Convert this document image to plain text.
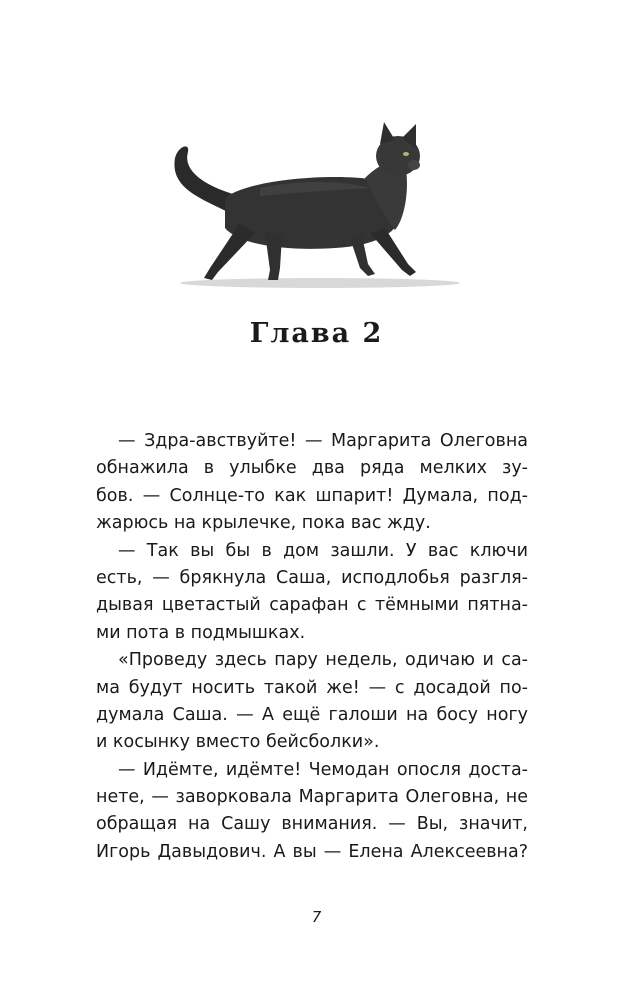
Глава 2
— Здра-авствуйте! — Маргарита Олеговна
обнажила в улыбке два ряда мелких зу-
бов. — Солнце-то как шпарит! Думала, под-
жарюсь на крылечке, пока вас жду.
— Так вы бы в дом зашли. У вас ключи
есть, — брякнула Саша, исподлобья разгля-
дывая цветастый сарафан с тёмными пятна-
ми пота в подмышках.
«Проведу здесь пару недель, одичаю и са-
ма будут носить такой же! — с досадой по-
думала Саша. — А ещё галоши на босу ногу
и косынку вместо бейсболки».
— Идёмте, идёмте! Чемодан опосля доста-
нете, — заворковала Маргарита Олеговна, не
обращая на Сашу внимания. — Вы, значит,
Игорь Давыдович. А вы — Елена Алексеевна?
7
